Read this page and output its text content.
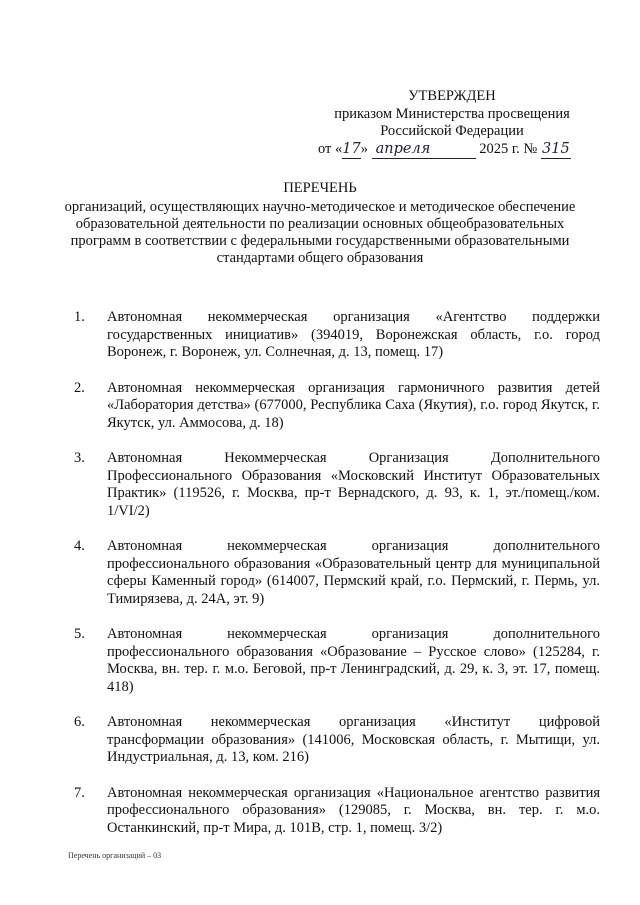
УТВЕРЖДЕН
приказом Министерства просвещения
Российской Федерации
от «17» апреля	2025 г. № 315
ПЕРЕЧЕНЬ
организаций, осуществляющих научно-методическое и методическое обеспечение образовательной деятельности по реализации основных общеобразовательных программ в соответствии с федеральными государственными образовательными стандартами общего образования
1.	Автономная некоммерческая организация «Агентство поддержки государственных инициатив» (394019, Воронежская область, г.о. город Воронеж, г. Воронеж, ул. Солнечная, д. 13, помещ. 17)
2.	Автономная некоммерческая организация гармоничного развития детей «Лаборатория детства» (677000, Республика Саха (Якутия), г.о. город Якутск, г. Якутск, ул. Аммосова, д. 18)
3.	Автономная Некоммерческая Организация Дополнительного Профессионального Образования «Московский Институт Образовательных Практик» (119526, г. Москва, пр-т Вернадского, д. 93, к. 1, эт./помещ./ком. 1/VI/2)
4.	Автономная некоммерческая организация дополнительного профессионального образования «Образовательный центр для муниципальной сферы Каменный город» (614007, Пермский край, г.о. Пермский, г. Пермь, ул. Тимирязева, д. 24А, эт. 9)
5.	Автономная некоммерческая организация дополнительного профессионального образования «Образование – Русское слово» (125284, г. Москва, вн. тер. г. м.о. Беговой, пр-т Ленинградский, д. 29, к. 3, эт. 17, помещ. 418)
6.	Автономная некоммерческая организация «Институт цифровой трансформации образования» (141006, Московская область, г. Мытищи, ул. Индустриальная, д. 13, ком. 216)
7.	Автономная некоммерческая организация «Национальное агентство развития профессионального образования» (129085, г. Москва, вн. тер. г. м.о. Останкинский, пр-т Мира, д. 101В, стр. 1, помещ. 3/2)
Перечень организаций – 03
